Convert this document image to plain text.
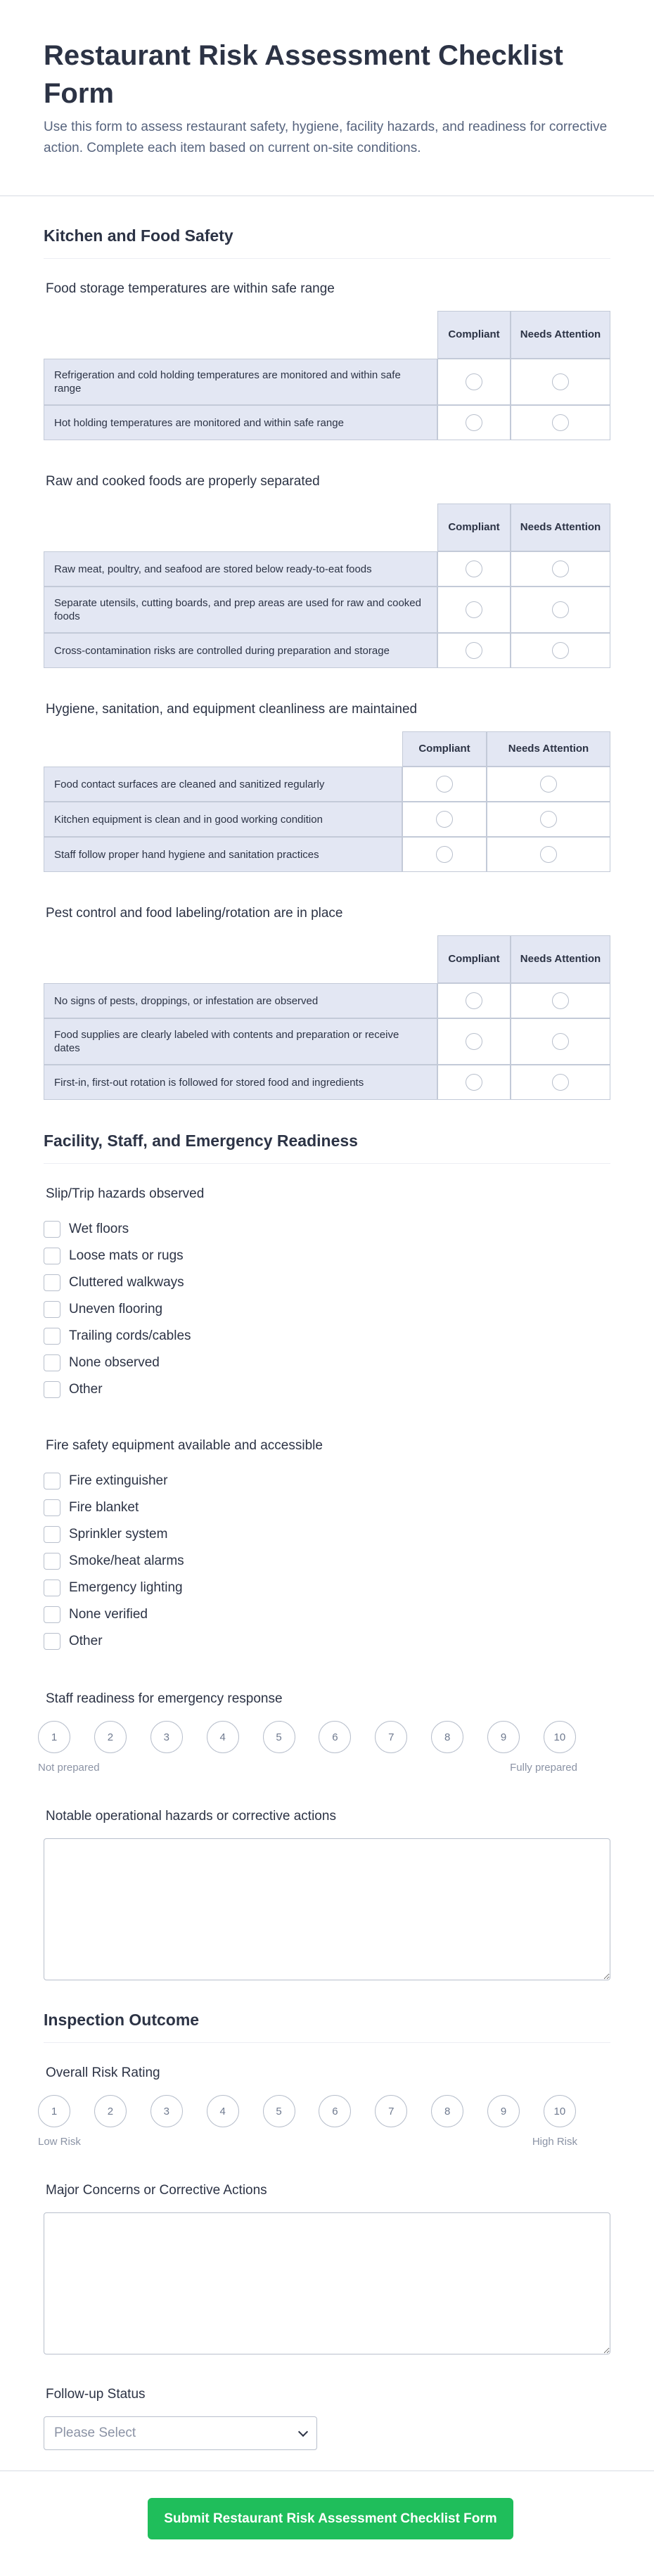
Restaurant Risk Assessment Checklist Form

Use this form to assess restaurant safety, hygiene, facility hazards, and readiness for corrective action. Complete each item based on current on-site conditions.

Kitchen and Food Safety
Food storage temperatures are within safe range
	Compliant	Needs Attention
Refrigeration and cold holding temperatures are monitored and within safe range		
Hot holding temperatures are monitored and within safe range		
Raw and cooked foods are properly separated
	Compliant	Needs Attention
Raw meat, poultry, and seafood are stored below ready-to-eat foods		
Separate utensils, cutting boards, and prep areas are used for raw and cooked foods		
Cross-contamination risks are controlled during preparation and storage		
Hygiene, sanitation, and equipment cleanliness are maintained
	Compliant	Needs Attention
Food contact surfaces are cleaned and sanitized regularly		
Kitchen equipment is clean and in good working condition		
Staff follow proper hand hygiene and sanitation practices		
Pest control and food labeling/rotation are in place
	Compliant	Needs Attention
No signs of pests, droppings, or infestation are observed		
Food supplies are clearly labeled with contents and preparation or receive dates		
First-in, first-out rotation is followed for stored food and ingredients		
Facility, Staff, and Emergency Readiness
Slip/Trip hazards observed
Wet floors
Loose mats or rugs
Cluttered walkways
Uneven flooring
Trailing cords/cables
None observed
Other
Fire safety equipment available and accessible
Fire extinguisher
Fire blanket
Sprinkler system
Smoke/heat alarms
Emergency lighting
None verified
Other
Staff readiness for emergency response
1	2	3	4	5	6	7	8	9	10
Not prepared	Fully prepared
Notable operational hazards or corrective actions
Inspection Outcome
Overall Risk Rating
1	2	3	4	5	6	7	8	9	10
Low Risk	High Risk
Major Concerns or Corrective Actions
Follow-up Status
Please Select
Submit Restaurant Risk Assessment Checklist Form
